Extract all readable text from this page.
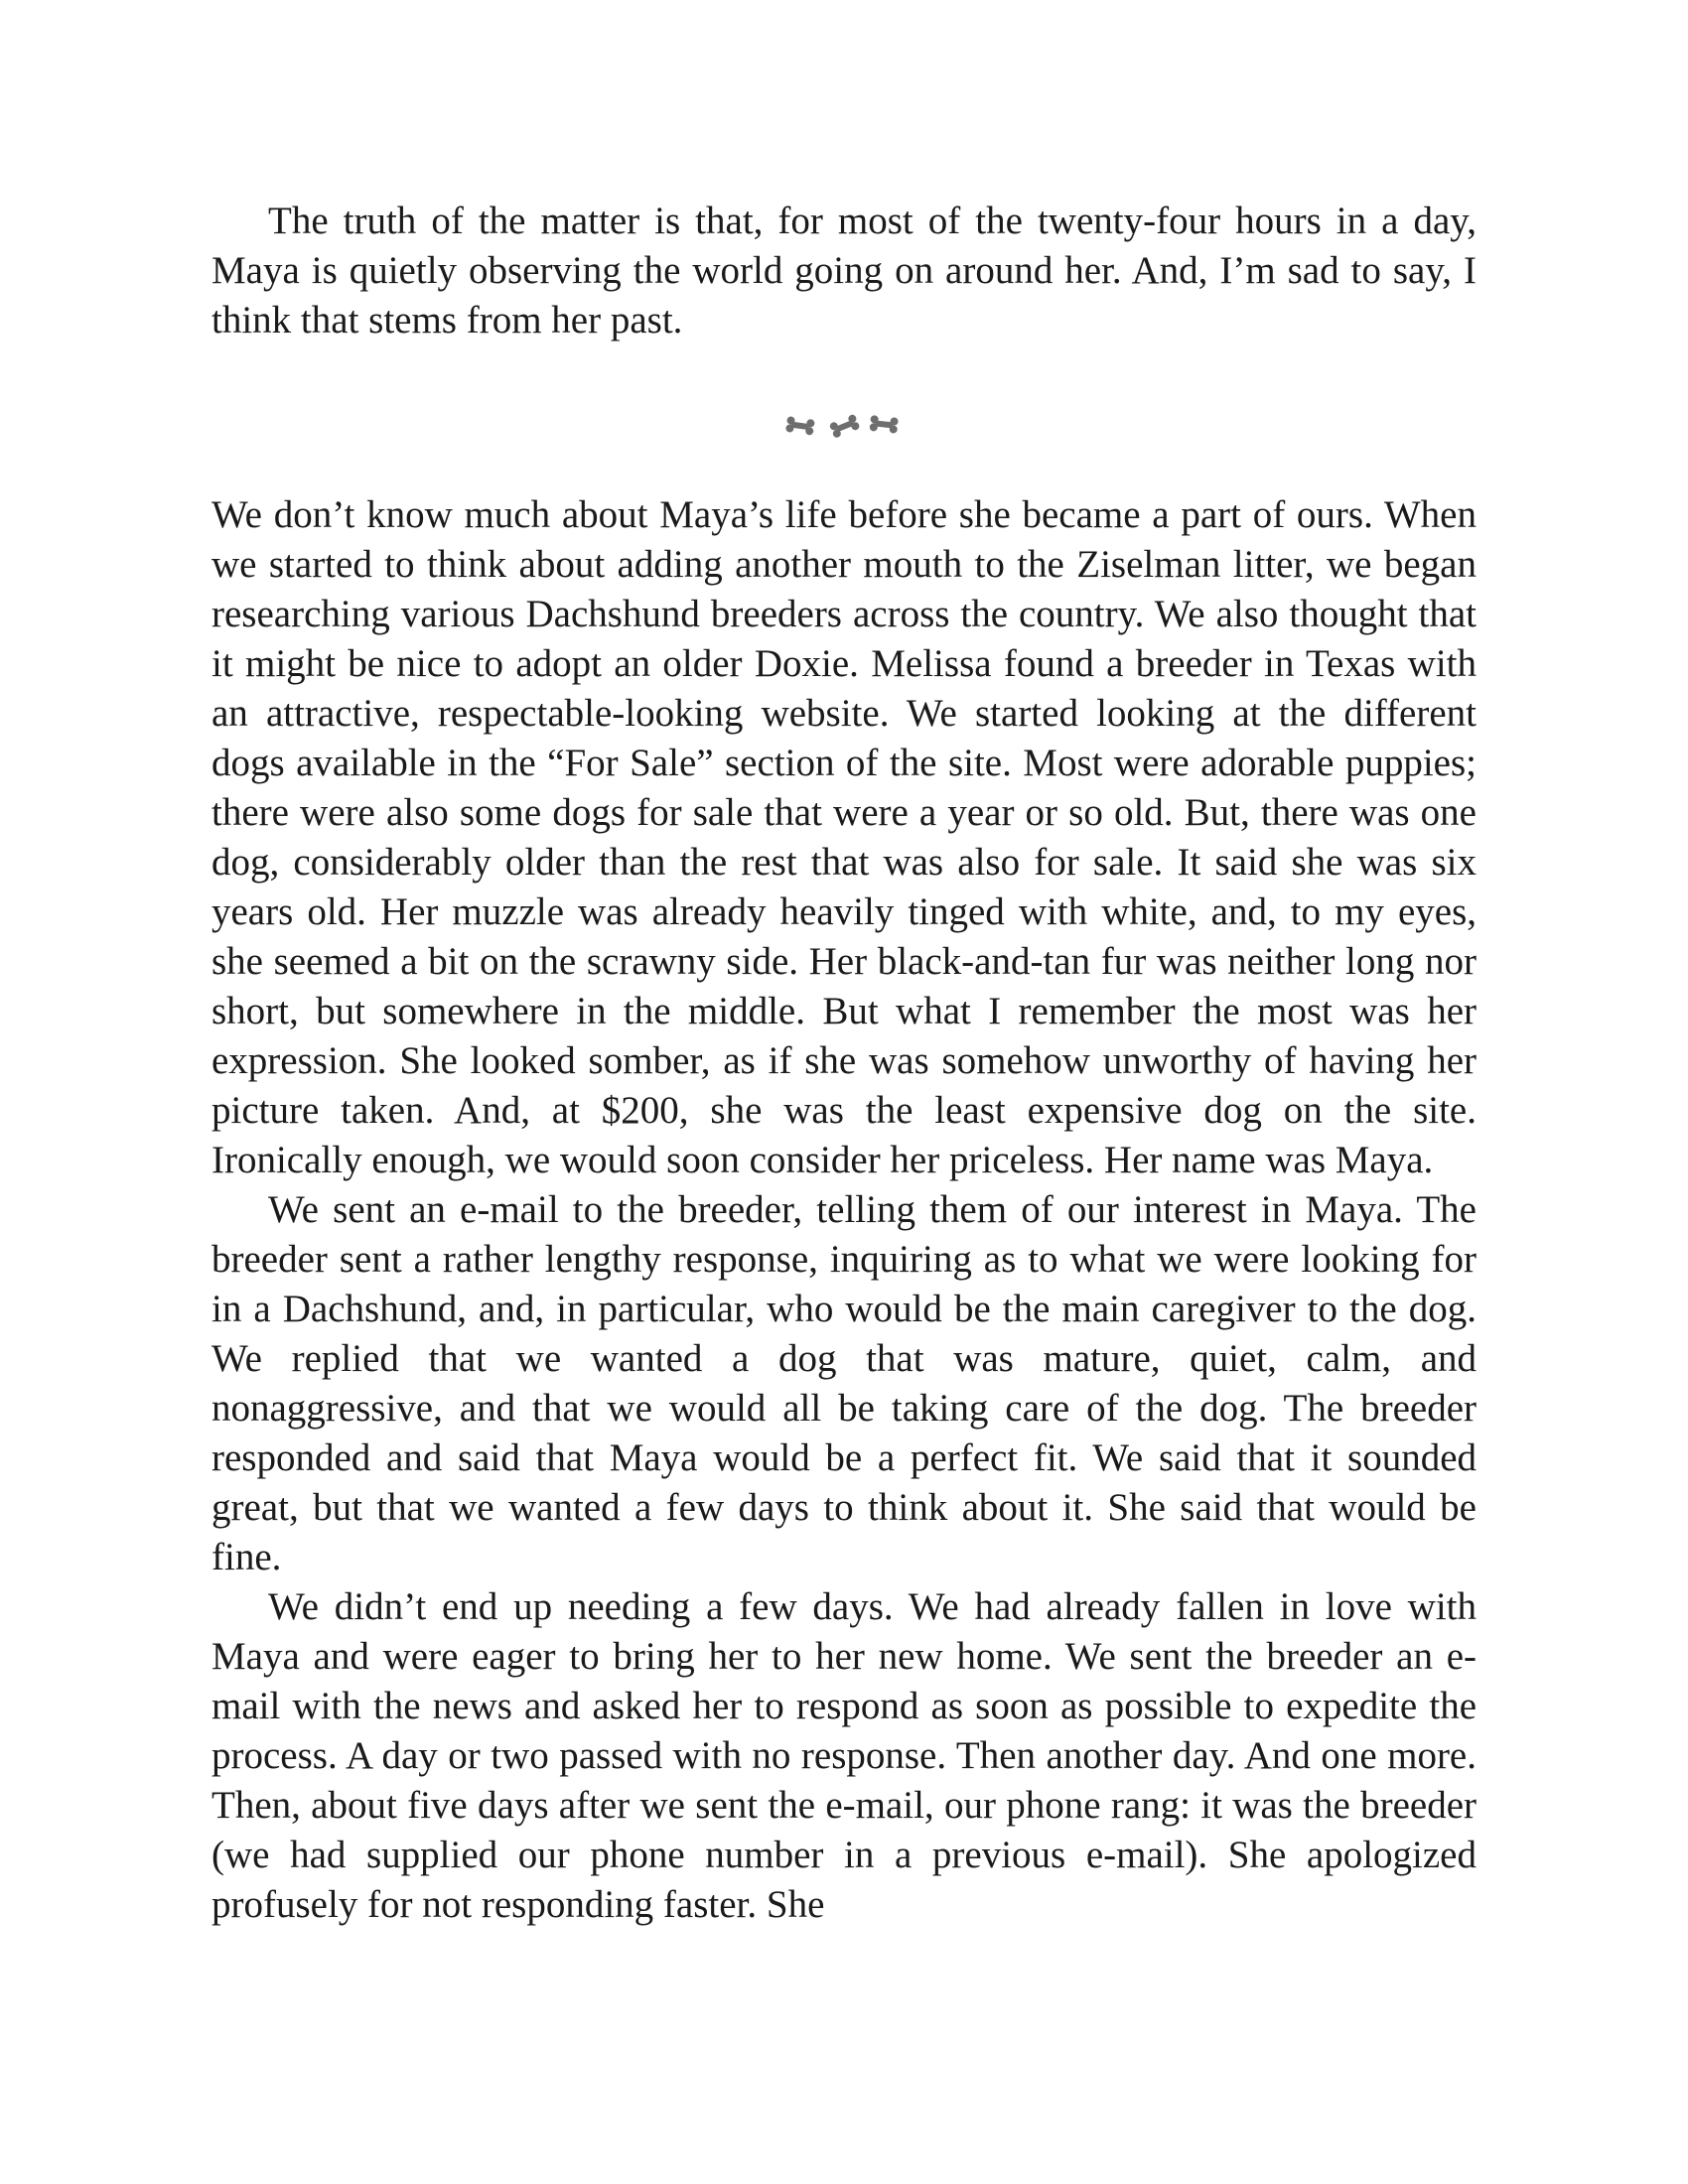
The truth of the matter is that, for most of the twenty-four hours in a day, Maya is quietly observing the world going on around her. And, I’m sad to say, I think that stems from her past.

We don’t know much about Maya’s life before she became a part of ours. When we started to think about adding another mouth to the Ziselman litter, we began researching various Dachshund breeders across the country. We also thought that it might be nice to adopt an older Doxie. Melissa found a breeder in Texas with an attractive, respectable-looking website. We started looking at the different dogs available in the “For Sale” section of the site. Most were adorable puppies; there were also some dogs for sale that were a year or so old. But, there was one dog, considerably older than the rest that was also for sale. It said she was six years old. Her muzzle was already heavily tinged with white, and, to my eyes, she seemed a bit on the scrawny side. Her black-and-tan fur was neither long nor short, but somewhere in the middle. But what I remember the most was her expression. She looked somber, as if she was somehow unworthy of having her picture taken. And, at $200, she was the least expensive dog on the site. Ironically enough, we would soon consider her priceless. Her name was Maya.

We sent an e-mail to the breeder, telling them of our interest in Maya. The breeder sent a rather lengthy response, inquiring as to what we were looking for in a Dachshund, and, in particular, who would be the main caregiver to the dog. We replied that we wanted a dog that was mature, quiet, calm, and nonaggressive, and that we would all be taking care of the dog. The breeder responded and said that Maya would be a perfect fit. We said that it sounded great, but that we wanted a few days to think about it. She said that would be fine.

We didn’t end up needing a few days. We had already fallen in love with Maya and were eager to bring her to her new home. We sent the breeder an e-mail with the news and asked her to respond as soon as possible to expedite the process. A day or two passed with no response. Then another day. And one more. Then, about five days after we sent the e-mail, our phone rang: it was the breeder (we had supplied our phone number in a previous e-mail). She apologized profusely for not responding faster. She
